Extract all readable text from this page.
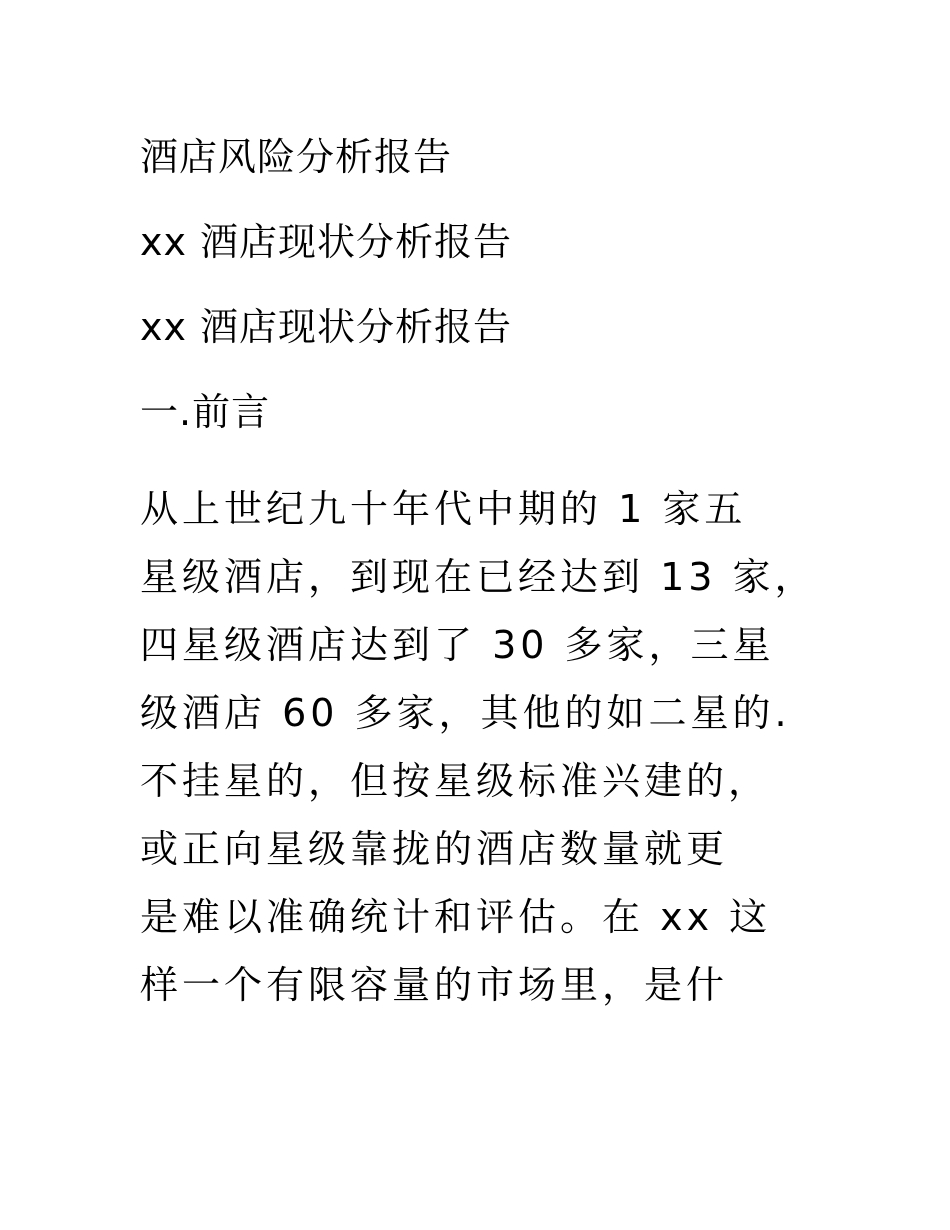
酒店风险分析报告
xx 酒店现状分析报告
xx 酒店现状分析报告
一.前言
从上世纪九十年代中期的 1 家五
星级酒店，到现在已经达到 13 家，
四星级酒店达到了 30 多家，三星
级酒店 60 多家，其他的如二星的.
不挂星的，但按星级标准兴建的，
或正向星级靠拢的酒店数量就更
是难以准确统计和评估。在 xx 这
样一个有限容量的市场里，是什
